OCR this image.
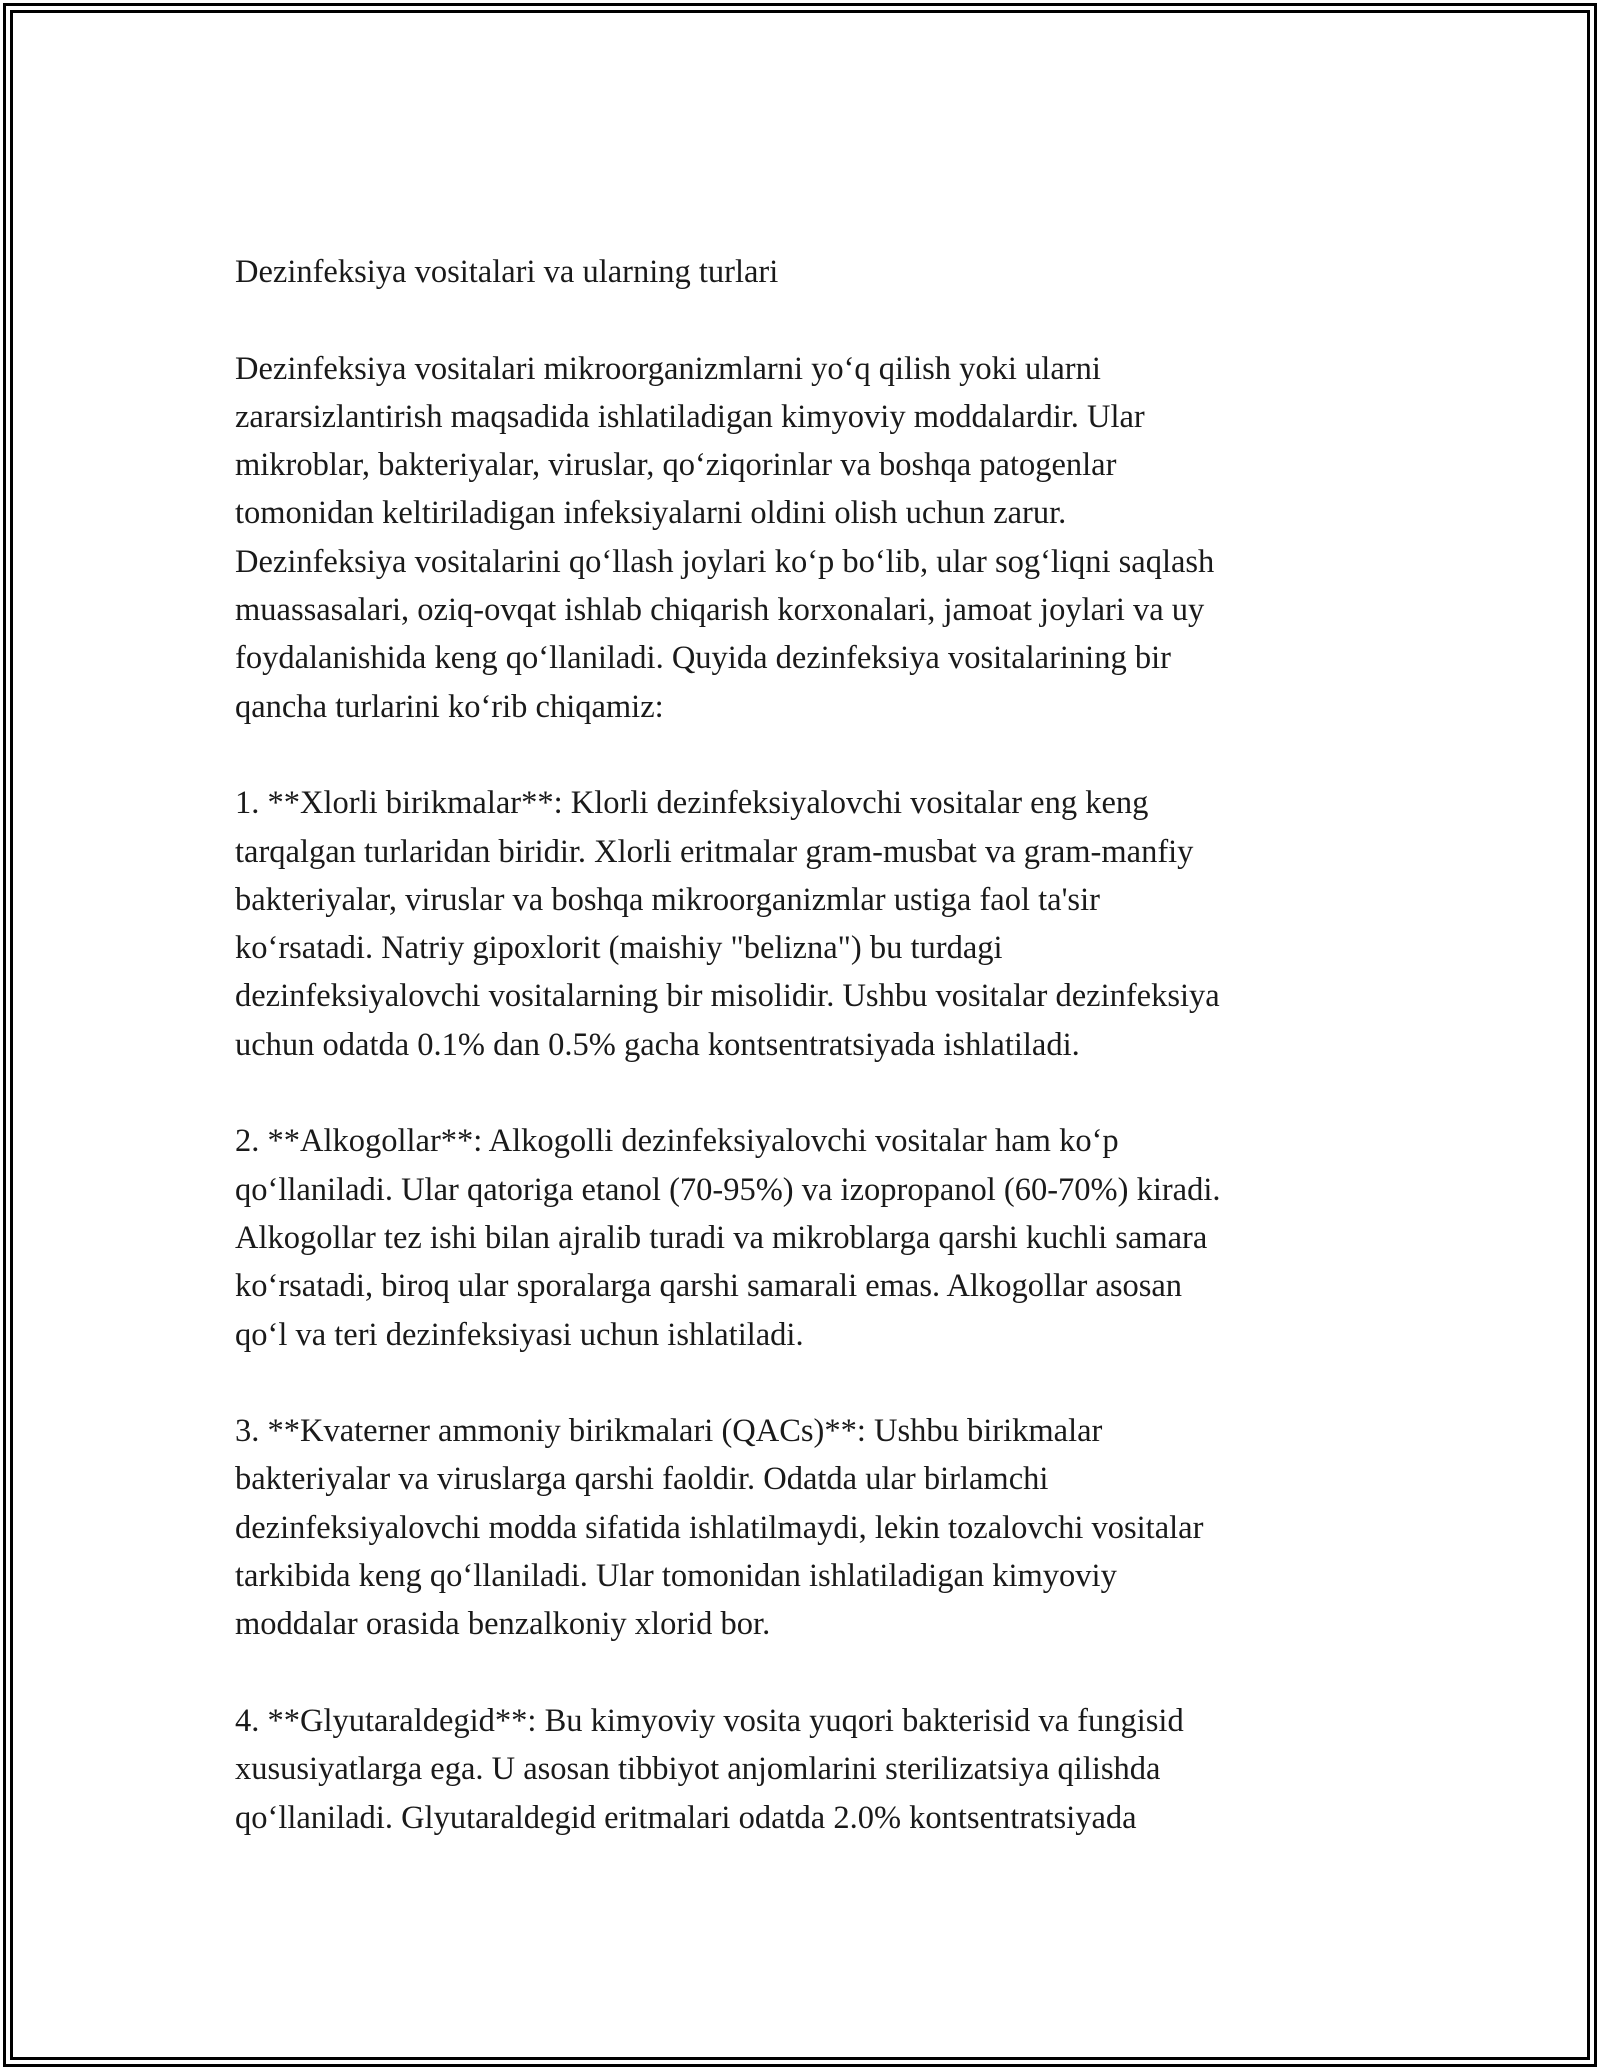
Dezinfeksiya vositalari va ularning turlari

Dezinfeksiya vositalari mikroorganizmlarni yo‘q qilish yoki ularni
zararsizlantirish maqsadida ishlatiladigan kimyoviy moddalardir. Ular
mikroblar, bakteriyalar, viruslar, qo‘ziqorinlar va boshqa patogenlar
tomonidan keltiriladigan infeksiyalarni oldini olish uchun zarur.
Dezinfeksiya vositalarini qo‘llash joylari ko‘p bo‘lib, ular sog‘liqni saqlash
muassasalari, oziq-ovqat ishlab chiqarish korxonalari, jamoat joylari va uy
foydalanishida keng qo‘llaniladi. Quyida dezinfeksiya vositalarining bir
qancha turlarini ko‘rib chiqamiz:

1. **Xlorli birikmalar**: Klorli dezinfeksiyalovchi vositalar eng keng
tarqalgan turlaridan biridir. Xlorli eritmalar gram-musbat va gram-manfiy
bakteriyalar, viruslar va boshqa mikroorganizmlar ustiga faol ta'sir
ko‘rsatadi. Natriy gipoxlorit (maishiy "belizna") bu turdagi
dezinfeksiyalovchi vositalarning bir misolidir. Ushbu vositalar dezinfeksiya
uchun odatda 0.1% dan 0.5% gacha kontsentratsiyada ishlatiladi.

2. **Alkogollar**: Alkogolli dezinfeksiyalovchi vositalar ham ko‘p
qo‘llaniladi. Ular qatoriga etanol (70-95%) va izopropanol (60-70%) kiradi.
Alkogollar tez ishi bilan ajralib turadi va mikroblarga qarshi kuchli samara
ko‘rsatadi, biroq ular sporalarga qarshi samarali emas. Alkogollar asosan
qo‘l va teri dezinfeksiyasi uchun ishlatiladi.

3. **Kvaterner ammoniy birikmalari (QACs)**: Ushbu birikmalar
bakteriyalar va viruslarga qarshi faoldir. Odatda ular birlamchi
dezinfeksiyalovchi modda sifatida ishlatilmaydi, lekin tozalovchi vositalar
tarkibida keng qo‘llaniladi. Ular tomonidan ishlatiladigan kimyoviy
moddalar orasida benzalkoniy xlorid bor.

4. **Glyutaraldegid**: Bu kimyoviy vosita yuqori bakterisid va fungisid
xususiyatlarga ega. U asosan tibbiyot anjomlarini sterilizatsiya qilishda
qo‘llaniladi. Glyutaraldegid eritmalari odatda 2.0% kontsentratsiyada
